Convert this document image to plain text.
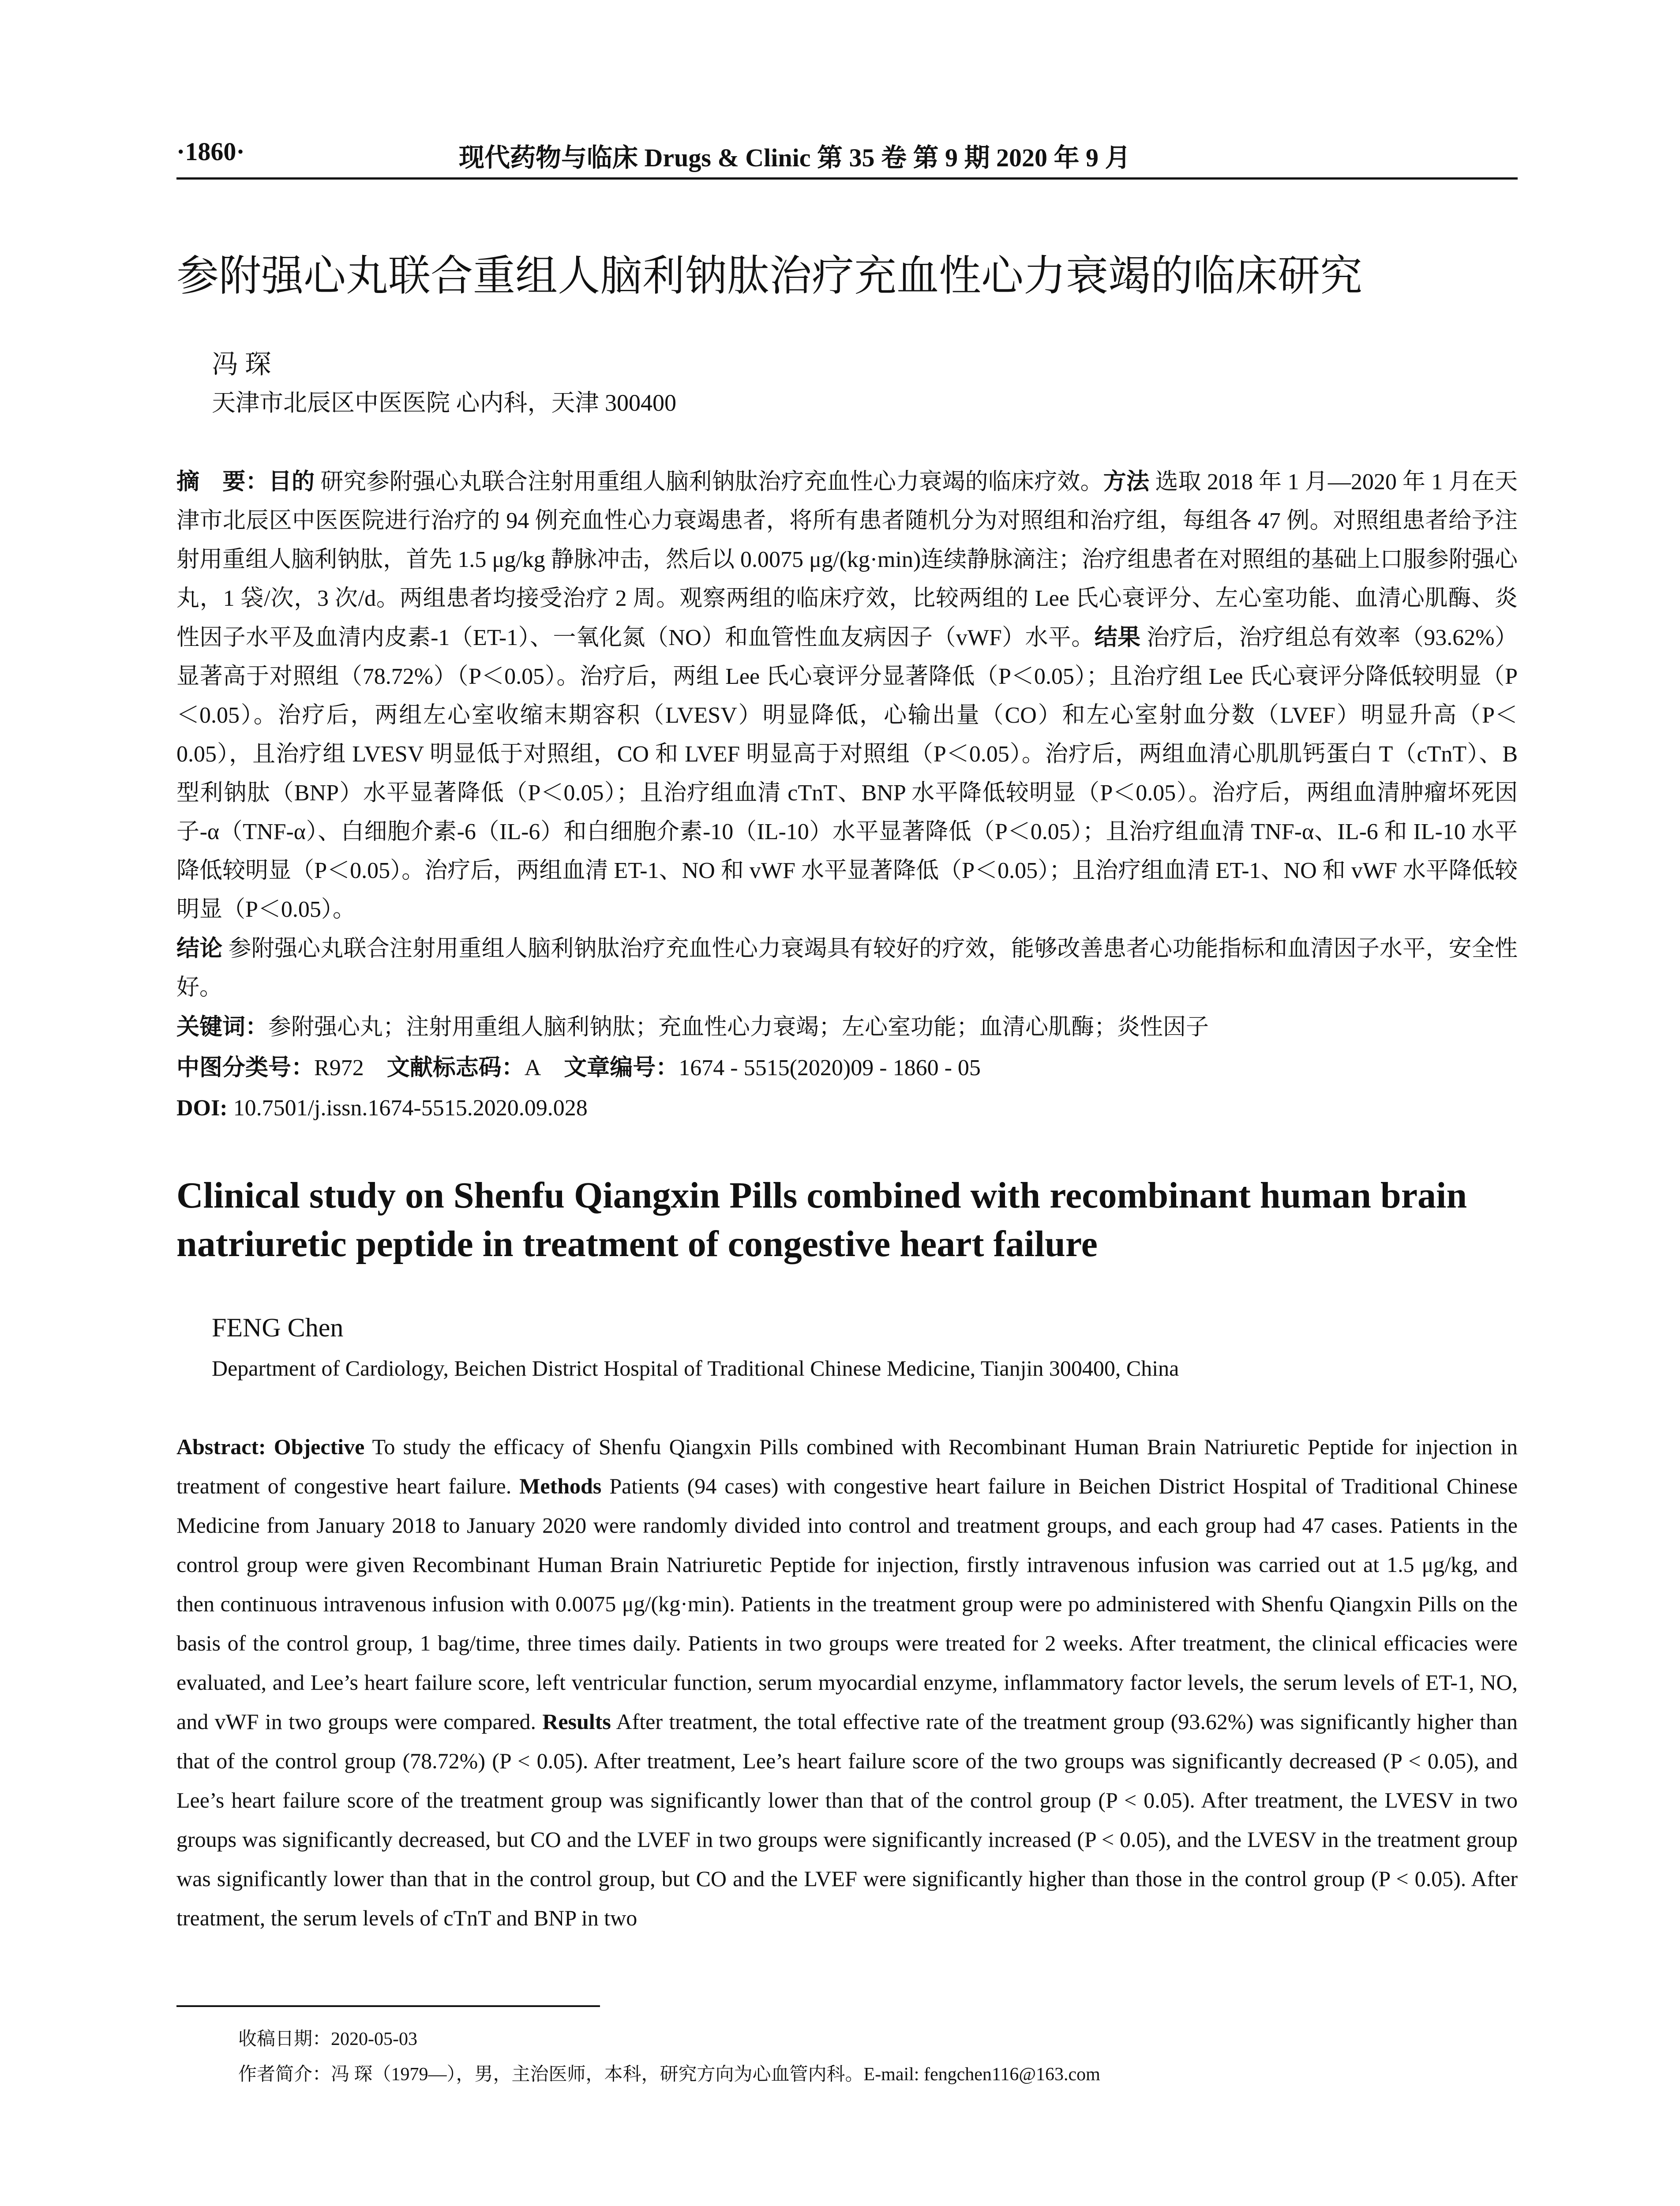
·1860·	现代药物与临床 Drugs & Clinic 第 35 卷 第 9 期 2020 年 9 月
参附强心丸联合重组人脑利钠肽治疗充血性心力衰竭的临床研究
冯 琛
天津市北辰区中医医院 心内科，天津 300400

摘　要：目的 研究参附强心丸联合注射用重组人脑利钠肽治疗充血性心力衰竭的临床疗效。方法 选取 2018 年 1 月—2020 年 1 月在天津市北辰区中医医院进行治疗的 94 例充血性心力衰竭患者，将所有患者随机分为对照组和治疗组，每组各 47 例。对照组患者给予注射用重组人脑利钠肽，首先 1.5 μg/kg 静脉冲击，然后以 0.0075 μg/(kg·min)连续静脉滴注；治疗组患者在对照组的基础上口服参附强心丸，1 袋/次，3 次/d。两组患者均接受治疗 2 周。观察两组的临床疗效，比较两组的 Lee 氏心衰评分、左心室功能、血清心肌酶、炎性因子水平及血清内皮素-1（ET-1）、一氧化氮（NO）和血管性血友病因子（vWF）水平。结果 治疗后，治疗组总有效率（93.62%）显著高于对照组（78.72%）（P＜0.05）。治疗后，两组 Lee 氏心衰评分显著降低（P＜0.05）；且治疗组 Lee 氏心衰评分降低较明显（P＜0.05）。治疗后，两组左心室收缩末期容积（LVESV）明显降低，心输出量（CO）和左心室射血分数（LVEF）明显升高（P＜0.05），且治疗组 LVESV 明显低于对照组，CO 和 LVEF 明显高于对照组（P＜0.05）。治疗后，两组血清心肌肌钙蛋白 T（cTnT）、B 型利钠肽（BNP）水平显著降低（P＜0.05）；且治疗组血清 cTnT、BNP 水平降低较明显（P＜0.05）。治疗后，两组血清肿瘤坏死因子-α（TNF-α）、白细胞介素-6（IL-6）和白细胞介素-10（IL-10）水平显著降低（P＜0.05）；且治疗组血清 TNF-α、IL-6 和 IL-10 水平降低较明显（P＜0.05）。治疗后，两组血清 ET-1、NO 和 vWF 水平显著降低（P＜0.05）；且治疗组血清 ET-1、NO 和 vWF 水平降低较明显（P＜0.05）。

结论 参附强心丸联合注射用重组人脑利钠肽治疗充血性心力衰竭具有较好的疗效，能够改善患者心功能指标和血清因子水平，安全性好。

关键词：参附强心丸；注射用重组人脑利钠肽；充血性心力衰竭；左心室功能；血清心肌酶；炎性因子
中图分类号：R972 文献标志码：A 文章编号：1674 - 5515(2020)09 - 1860 - 05
DOI: 10.7501/j.issn.1674-5515.2020.09.028
Clinical study on Shenfu Qiangxin Pills combined with recombinant human brain natriuretic peptide in treatment of congestive heart failure
FENG Chen
Department of Cardiology, Beichen District Hospital of Traditional Chinese Medicine, Tianjin 300400, China

Abstract: Objective To study the efficacy of Shenfu Qiangxin Pills combined with Recombinant Human Brain Natriuretic Peptide for injection in treatment of congestive heart failure. Methods Patients (94 cases) with congestive heart failure in Beichen District Hospital of Traditional Chinese Medicine from January 2018 to January 2020 were randomly divided into control and treatment groups, and each group had 47 cases. Patients in the control group were given Recombinant Human Brain Natriuretic Peptide for injection, firstly intravenous infusion was carried out at 1.5 μg/kg, and then continuous intravenous infusion with 0.0075 μg/(kg·min). Patients in the treatment group were po administered with Shenfu Qiangxin Pills on the basis of the control group, 1 bag/time, three times daily. Patients in two groups were treated for 2 weeks. After treatment, the clinical efficacies were evaluated, and Lee’s heart failure score, left ventricular function, serum myocardial enzyme, inflammatory factor levels, the serum levels of ET-1, NO, and vWF in two groups were compared. Results After treatment, the total effective rate of the treatment group (93.62%) was significantly higher than that of the control group (78.72%) (P < 0.05). After treatment, Lee’s heart failure score of the two groups was significantly decreased (P < 0.05), and Lee’s heart failure score of the treatment group was significantly lower than that of the control group (P < 0.05). After treatment, the LVESV in two groups was significantly decreased, but CO and the LVEF in two groups were significantly increased (P < 0.05), and the LVESV in the treatment group was significantly lower than that in the control group, but CO and the LVEF were significantly higher than those in the control group (P < 0.05). After treatment, the serum levels of cTnT and BNP in two

收稿日期：2020-05-03
作者简介：冯 琛（1979—），男，主治医师，本科，研究方向为心血管内科。E-mail: fengchen116@163.com
